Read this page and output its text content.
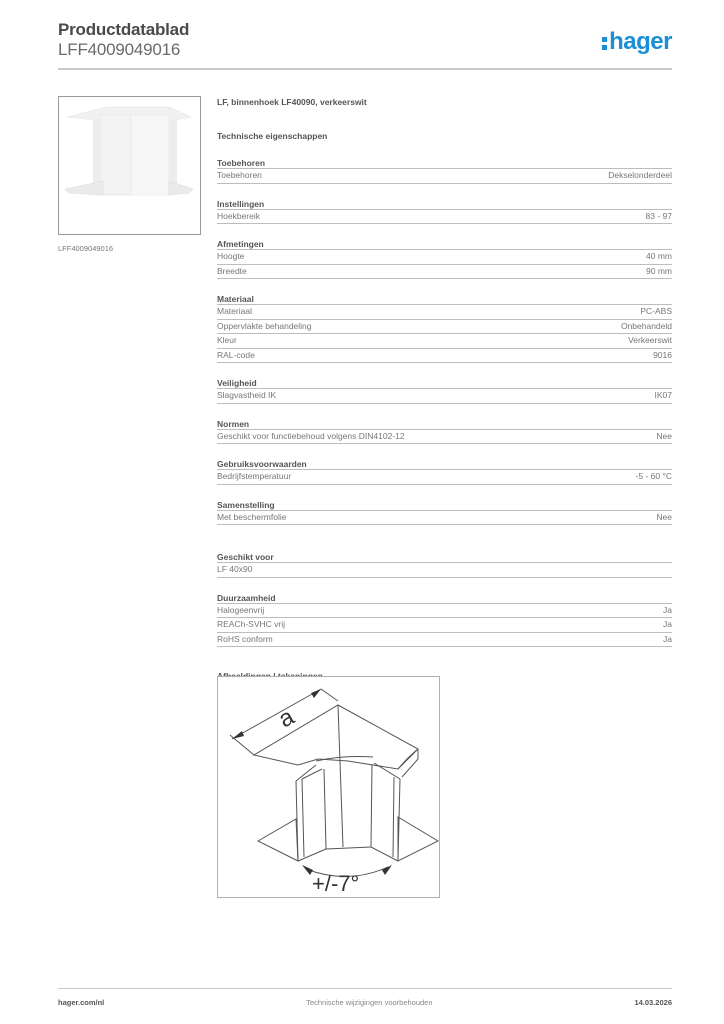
Productdatablad
LFF4009049016	hager
LFF4009049016
LF, binnenhoek LF40090, verkeerswit
Technische eigenschappen
Toebehoren
Toebehoren	Dekselonderdeel
Instellingen
Hoekbereik	83 - 97
Afmetingen
Hoogte	40 mm
Breedte	90 mm
Materiaal
Materiaal	PC-ABS
Oppervlakte behandeling	Onbehandeld
Kleur	Verkeerswit
RAL-code	9016
Veiligheid
Slagvastheid IK	IK07
Normen
Geschikt voor functiebehoud volgens DIN4102-12	Nee
Gebruiksvoorwaarden
Bedrijfstemperatuur	-5 - 60 °C
Samenstelling
Met beschermfolie	Nee
Geschikt voor
LF 40x90
Duurzaamheid
Halogeenvrij	Ja
REACh-SVHC vrij	Ja
RoHS conform	Ja
a
+/-7°
hager.com/nl	Technische wijzigingen voorbehouden	14.03.2026
